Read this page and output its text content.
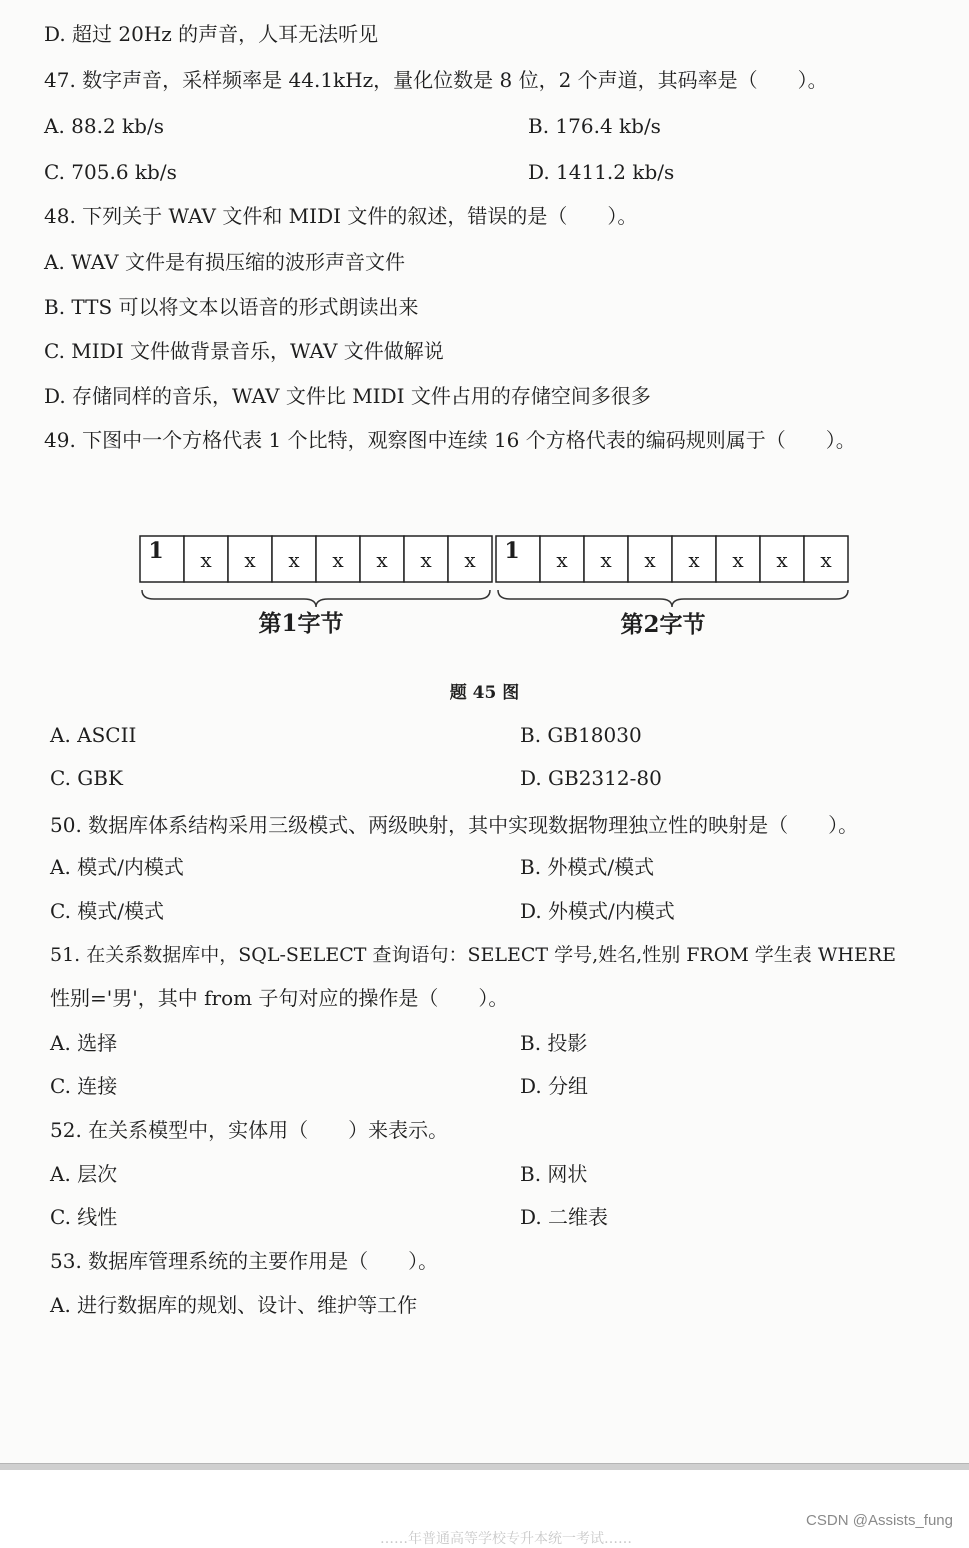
D. 超过 20Hz 的声音，人耳无法听见
47. 数字声音，采样频率是 44.1kHz，量化位数是 8 位，2 个声道，其码率是（　　）。
A. 88.2 kb/s	B. 176.4 kb/s
C. 705.6 kb/s	D. 1411.2 kb/s
48. 下列关于 WAV 文件和 MIDI 文件的叙述，错误的是（　　）。
A. WAV 文件是有损压缩的波形声音文件
B. TTS 可以将文本以语音的形式朗读出来
C. MIDI 文件做背景音乐，WAV 文件做解说
D. 存储同样的音乐，WAV 文件比 MIDI 文件占用的存储空间多很多
49. 下图中一个方格代表 1 个比特，观察图中连续 16 个方格代表的编码规则属于（　　）。
1 x x x x x x x 1 x x x x x x x
第1字节	第2字节
题 45 图
A. ASCII	B. GB18030
C. GBK	D. GB2312-80
50. 数据库体系结构采用三级模式、两级映射，其中实现数据物理独立性的映射是（　　）。
A. 模式/内模式	B. 外模式/模式
C. 模式/模式	D. 外模式/内模式
51. 在关系数据库中，SQL-SELECT 查询语句：SELECT 学号,姓名,性别 FROM 学生表 WHERE
性别='男'，其中 from 子句对应的操作是（　　）。
A. 选择	B. 投影
C. 连接	D. 分组
52. 在关系模型中，实体用（　　）来表示。
A. 层次	B. 网状
C. 线性	D. 二维表
53. 数据库管理系统的主要作用是（　　）。
A. 进行数据库的规划、设计、维护等工作
……年普通高等学校专升本统一考试……
CSDN @Assists_fung
